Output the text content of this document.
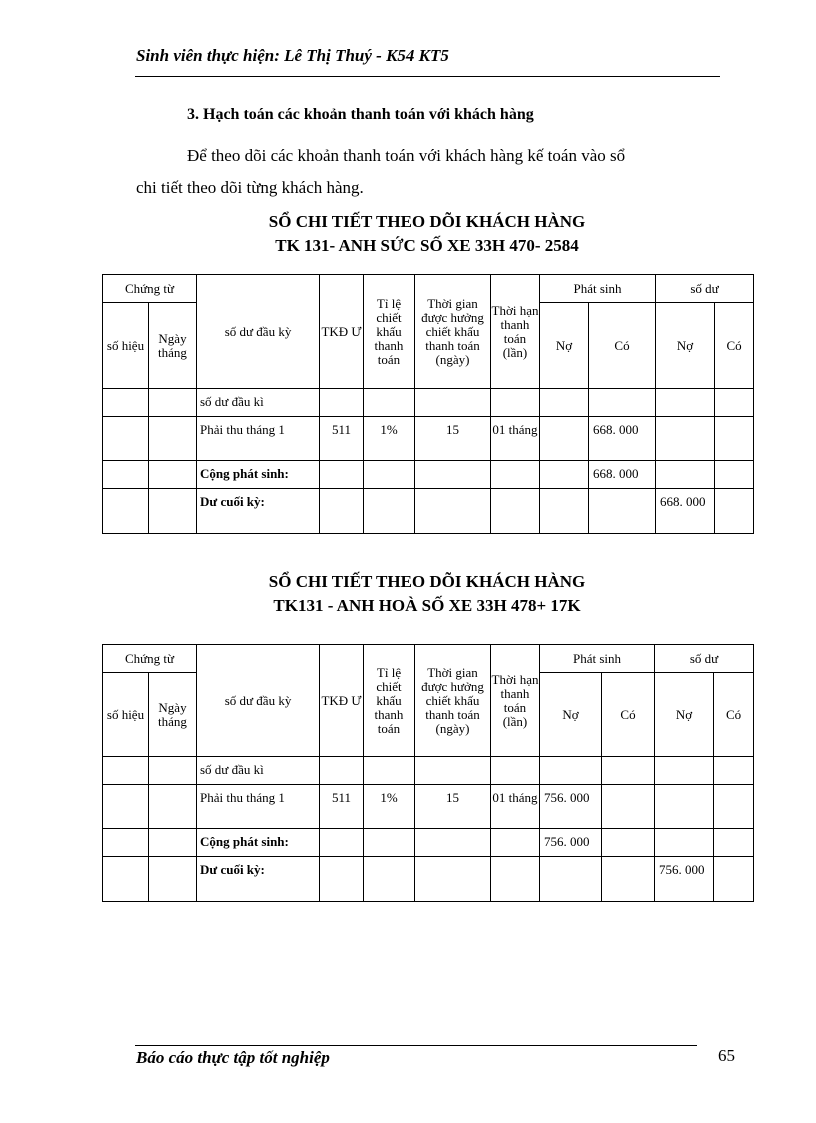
Sinh viên thực hiện: Lê Thị Thuý - K54 KT5
3. Hạch toán các khoản thanh toán với khách hàng
Để theo dõi các khoản thanh toán với khách hàng kế toán vào sổ
chi tiết theo dõi từng khách hàng.
SỔ CHI TIẾT THEO DÕI KHÁCH HÀNG
TK 131- ANH SỨC SỐ XE 33H 470- 2584
Chứng từ		số dư đầu kỳ	TKĐ Ư	Tỉ lệ chiết khấu thanh toán	Thời gian được hưởng chiết khấu thanh toán (ngày)	Thời hạn thanh toán (lần)	Phát sinh		số dư	
số hiệu	Ngày tháng						Nợ	Có	Nợ	Có
		số dư đầu kì								
		Phải thu tháng 1	511	1%	15	01 tháng		668. 000		
		Cộng phát sinh:						668. 000		
		Dư cuối kỳ:							668. 000	
SỔ CHI TIẾT THEO DÕI KHÁCH HÀNG
TK131 - ANH HOÀ SỐ XE 33H 478+ 17K
Chứng từ		số dư đầu kỳ	TKĐ Ư	Tỉ lệ chiết khấu thanh toán	Thời gian được hưởng chiết khấu thanh toán (ngày)	Thời hạn thanh toán (lần)	Phát sinh		số dư	
số hiệu	Ngày tháng						Nợ	Có	Nợ	Có
		số dư đầu kì								
		Phải thu tháng 1	511	1%	15	01 tháng	756. 000			
		Cộng phát sinh:					756. 000			
		Dư cuối kỳ:							756. 000	
Báo cáo thực tập tốt nghiệp	65
